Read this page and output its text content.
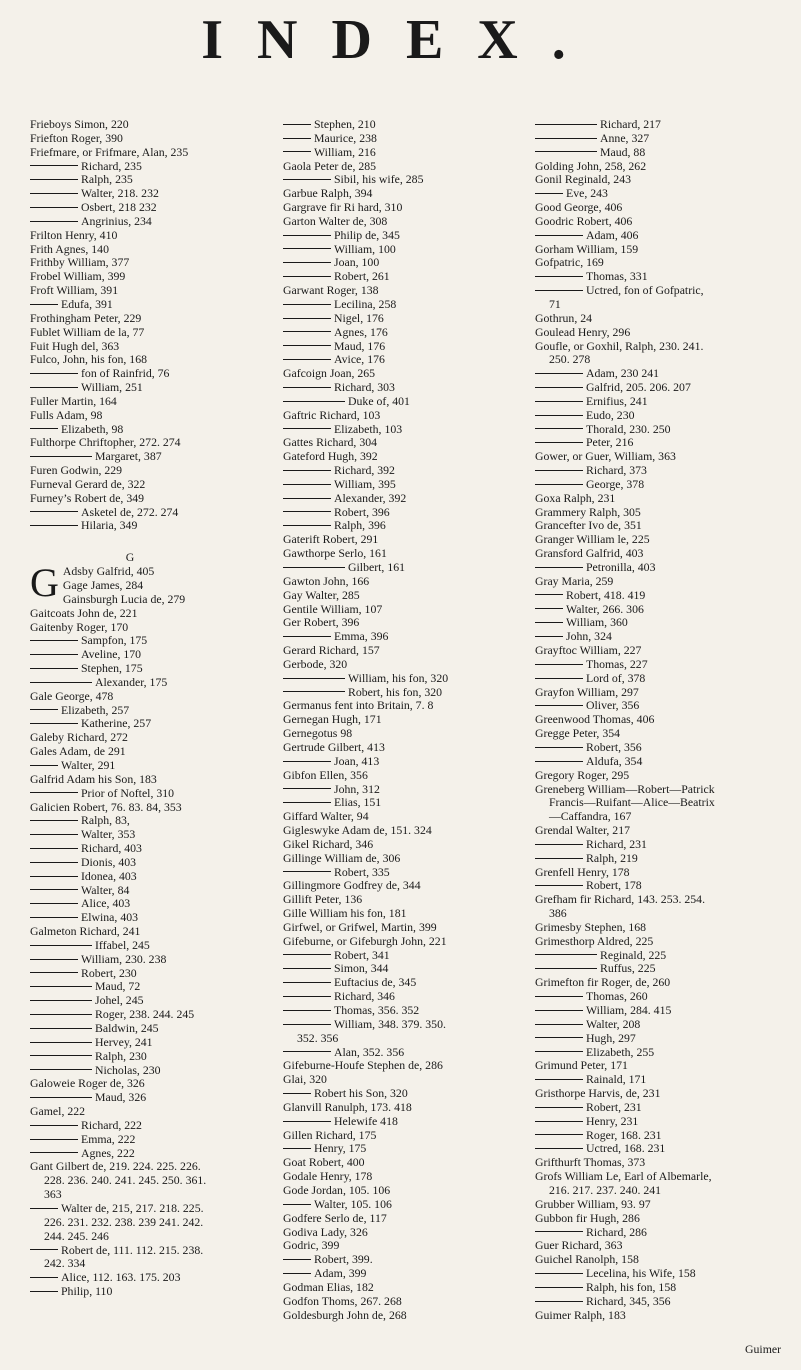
INDEX.
Frieboys Simon, 220
Friefton Roger, 390
Friefmare, or Frifmare, Alan, 235
Richard, 235
Ralph, 235
Walter, 218. 232
Osbert, 218 232
Angrinius, 234
Frilton Henry, 410
Frith Agnes, 140
Frithby William, 377
Frobel William, 399
Froft William, 391
Edufa, 391
Frothingham Peter, 229
Fublet William de la, 77
Fuit Hugh del, 363
Fulco, John, his fon, 168
fon of Rainfrid, 76
William, 251
Fuller Martin, 164
Fulls Adam, 98
Elizabeth, 98
Fulthorpe Chriftopher, 272. 274
Margaret, 387
Furen Godwin, 229
Furneval Gerard de, 322
Furney’s Robert de, 349
Asketel de, 272. 274
Hilaria, 349
G
G Adsby Galfrid, 405
Gage James, 284
Gainsburgh Lucia de, 279
Gaitcoats John de, 221
Gaitenby Roger, 170
Sampfon, 175
Aveline, 170
Stephen, 175
Alexander, 175
Gale George, 478
Elizabeth, 257
Katherine, 257
Galeby Richard, 272
Gales Adam, de 291
Walter, 291
Galfrid Adam his Son, 183
Prior of Noftel, 310
Galicien Robert, 76. 83. 84, 353
Ralph, 83,
Walter, 353
Richard, 403
Dionis, 403
Idonea, 403
Walter, 84
Alice, 403
Elwina, 403
Galmeton Richard, 241
Iffabel, 245
William, 230. 238
Robert, 230
Maud, 72
Johel, 245
Roger, 238. 244. 245
Baldwin, 245
Hervey, 241
Ralph, 230
Nicholas, 230
Galoweie Roger de, 326
Maud, 326
Gamel, 222
Richard, 222
Emma, 222
Agnes, 222
Gant Gilbert de, 219. 224. 225. 226.
228. 236. 240. 241. 245. 250. 361.
363
Walter de, 215, 217. 218. 225.
226. 231. 232. 238. 239 241. 242.
244. 245. 246
Robert de, 111. 112. 215. 238.
242. 334
Alice, 112. 163. 175. 203
Philip, 110
Stephen, 210
Maurice, 238
William, 216
Gaola Peter de, 285
Sibil, his wife, 285
Garbue Ralph, 394
Gargrave fir Ri hard, 310
Garton Walter de, 308
Philip de, 345
William, 100
Joan, 100
Robert, 261
Garwant Roger, 138
Lecilina, 258
Nigel, 176
Agnes, 176
Maud, 176
Avice, 176
Gafcoign Joan, 265
Richard, 303
Duke of, 401
Gaftric Richard, 103
Elizabeth, 103
Gattes Richard, 304
Gateford Hugh, 392
Richard, 392
William, 395
Alexander, 392
Robert, 396
Ralph, 396
Gaterift Robert, 291
Gawthorpe Serlo, 161
Gilbert, 161
Gawton John, 166
Gay Walter, 285
Gentile William, 107
Ger Robert, 396
Emma, 396
Gerard Richard, 157
Gerbode, 320
William, his fon, 320
Robert, his fon, 320
Germanus fent into Britain, 7. 8
Gernegan Hugh, 171
Gernegotus 98
Gertrude Gilbert, 413
Joan, 413
Gibfon Ellen, 356
John, 312
Elias, 151
Giffard Walter, 94
Gigleswyke Adam de, 151. 324
Gikel Richard, 346
Gillinge William de, 306
Robert, 335
Gillingmore Godfrey de, 344
Gillift Peter, 136
Gille William his fon, 181
Girfwel, or Grifwel, Martin, 399
Gifeburne, or Gifeburgh John, 221
Robert, 341
Simon, 344
Euftacius de, 345
Richard, 346
Thomas, 356. 352
William, 348. 379. 350.
352. 356
Alan, 352. 356
Gifeburne-Houfe Stephen de, 286
Glai, 320
Robert his Son, 320
Glanvill Ranulph, 173. 418
Helewife 418
Gillen Richard, 175
Henry, 175
Goat Robert, 400
Godale Henry, 178
Gode Jordan, 105. 106
Walter, 105. 106
Godfere Serlo de, 117
Godiva Lady, 326
Godric, 399
Robert, 399.
Adam, 399
Godman Elias, 182
Godfon Thoms, 267. 268
Goldesburgh John de, 268
Richard, 217
Anne, 327
Maud, 88
Golding John, 258, 262
Gonil Reginald, 243
Eve, 243
Good George, 406
Goodric Robert, 406
Adam, 406
Gorham William, 159
Gofpatric, 169
Thomas, 331
Uctred, fon of Gofpatric,
71
Gothrun, 24
Goulead Henry, 296
Goufle, or Goxhil, Ralph, 230. 241.
250. 278
Adam, 230 241
Galfrid, 205. 206. 207
Ernifius, 241
Eudo, 230
Thorald, 230. 250
Peter, 216
Gower, or Guer, William, 363
Richard, 373
George, 378
Goxa Ralph, 231
Grammery Ralph, 305
Grancefter Ivo de, 351
Granger William le, 225
Gransford Galfrid, 403
Petronilla, 403
Gray Maria, 259
Robert, 418. 419
Walter, 266. 306
William, 360
John, 324
Grayftoc William, 227
Thomas, 227
Lord of, 378
Grayfon William, 297
Oliver, 356
Greenwood Thomas, 406
Gregge Peter, 354
Robert, 356
Aldufa, 354
Gregory Roger, 295
Greneberg William—Robert—Patrick
Francis—Ruifant—Alice—Beatrix
—Caffandra, 167
Grendal Walter, 217
Richard, 231
Ralph, 219
Grenfell Henry, 178
Robert, 178
Grefham fir Richard, 143. 253. 254.
386
Grimesby Stephen, 168
Grimesthorp Aldred, 225
Reginald, 225
Ruffus, 225
Grimefton fir Roger, de, 260
Thomas, 260
William, 284. 415
Walter, 208
Hugh, 297
Elizabeth, 255
Grimund Peter, 171
Rainald, 171
Gristhorpe Harvis, de, 231
Robert, 231
Henry, 231
Roger, 168. 231
Uctred, 168. 231
Grifthurft Thomas, 373
Grofs William Le, Earl of Albemarle,
216. 217. 237. 240. 241
Grubber William, 93. 97
Gubbon fir Hugh, 286
Richard, 286
Guer Richard, 363
Guichel Ranolph, 158
Lecelina, his Wife, 158
Ralph, his fon, 158
Richard, 345, 356
Guimer Ralph, 183
Guimer
